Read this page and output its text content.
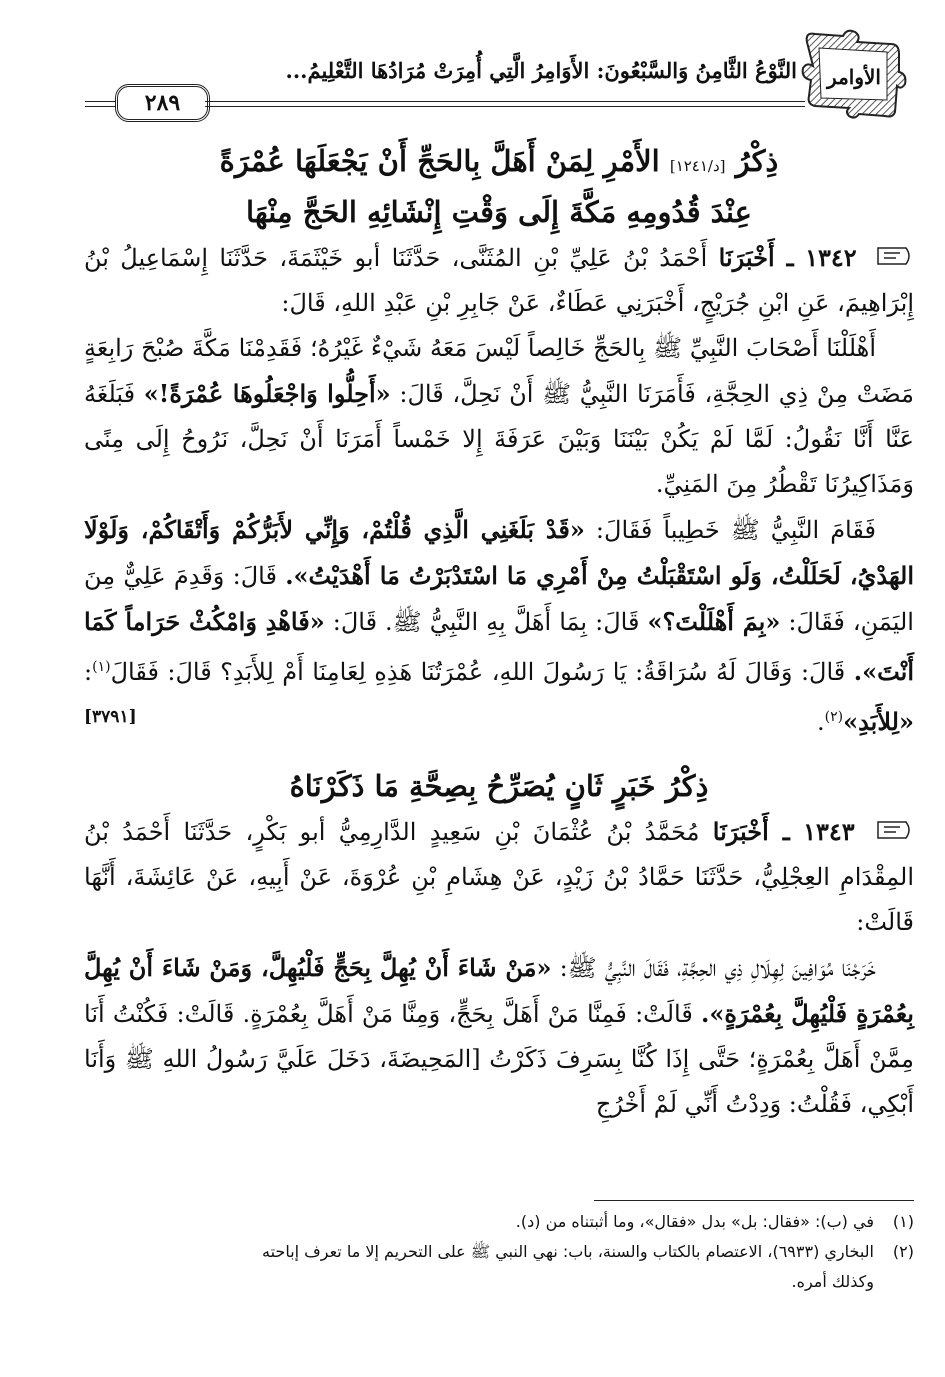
الأوامر
النَّوْعُ الثَّامِنُ وَالسَّبْعُونَ: الأَوَامِرُ الَّتِي أُمِرَتْ مُرَادُهَا التَّعْلِيمُ...
٢٨٩

ذِكْرُ [د/١٢٤١] الأَمْرِ لِمَنْ أَهَلَّ بِالحَجِّ أَنْ يَجْعَلَهَا عُمْرَةً

عِنْدَ قُدُومِهِ مَكَّةَ إِلَى وَقْتِ إِنْشَائِهِ الحَجَّ مِنْهَا

١٣٤٢ ـ أَخْبَرَنَا أَحْمَدُ بْنُ عَلِيِّ بْنِ المُثَنَّى، حَدَّثَنَا أبو خَيْثَمَةَ، حَدَّثَنَا إِسْمَاعِيلُ بْنُ إِبْرَاهِيمَ، عَنِ ابْنِ جُرَيْجٍ، أَخْبَرَنِي عَطَاءٌ، عَنْ جَابِرِ بْنِ عَبْدِ اللهِ، قَالَ:

أَهْلَلْنَا أَصْحَابَ النَّبِيِّ ﷺ بِالحَجِّ خَالِصاً لَيْسَ مَعَهُ شَيْءٌ غَيْرُهُ؛ فَقَدِمْنَا مَكَّةَ صُبْحَ رَابِعَةٍ مَضَتْ مِنْ ذِي الحِجَّةِ، فَأَمَرَنَا النَّبِيُّ ﷺ أَنْ نَحِلَّ، قَالَ: «أَحِلُّوا وَاجْعَلُوهَا عُمْرَةً!» فَبَلَغَهُ عَنَّا أَنَّا نَقُولُ: لَمَّا لَمْ يَكُنْ بَيْنَنَا وَبَيْنَ عَرَفَةَ إِلا خَمْساً أَمَرَنَا أَنْ نَحِلَّ، نَرُوحُ إِلَى مِنًى وَمَذَاكِيرُنَا تَقْطُرُ مِنَ المَنِيِّ.

فَقَامَ النَّبِيُّ ﷺ خَطِيباً فَقَالَ: «قَدْ بَلَغَنِي الَّذِي قُلْتُمْ، وَإِنِّي لأَبَرُّكُمْ وَأَتْقَاكُمْ، وَلَوْلَا الهَدْيُ، لَحَلَلْتُ، وَلَو اسْتَقْبَلْتُ مِنْ أَمْرِي مَا اسْتَدْبَرْتُ مَا أَهْدَيْتُ». قَالَ: وَقَدِمَ عَلِيٌّ مِنَ اليَمَنِ، فَقَالَ: «بِمَ أَهْلَلْتَ؟» قَالَ: بِمَا أَهَلَّ بِهِ النَّبِيُّ ﷺ. قَالَ: «فَاهْدِ وَامْكُثْ حَرَاماً كَمَا أَنْتَ». قَالَ: وَقَالَ لَهُ سُرَاقَةُ: يَا رَسُولَ اللهِ، عُمْرَتُنَا هَذِهِ لِعَامِنَا أَمْ لِلأَبَدِ؟ قَالَ: فَقَالَ$^{(١)}$: «لِلأَبَدِ»$^{(٢)}$.
[٣٧٩١]

ذِكْرُ خَبَرٍ ثَانٍ يُصَرِّحُ بِصِحَّةِ مَا ذَكَرْنَاهُ

١٣٤٣ ـ أَخْبَرَنَا مُحَمَّدُ بْنُ عُثْمَانَ بْنِ سَعِيدٍ الدَّارِمِيُّ أبو بَكْرٍ، حَدَّثَنَا أَحْمَدُ بْنُ المِقْدَامِ العِجْلِيُّ، حَدَّثَنَا حَمَّادُ بْنُ زَيْدٍ، عَنْ هِشَامِ بْنِ عُرْوَةَ، عَنْ أَبِيهِ، عَنْ عَائِشَةَ، أَنَّهَا قَالَتْ:

خَرَجْنَا مُوَافِينَ لِهِلَالِ ذِي الحِجَّةِ، فَقَالَ النَّبِيُّ ﷺ: «مَنْ شَاءَ أَنْ يُهِلَّ بِحَجٍّ فَلْيُهِلَّ، وَمَنْ شَاءَ أَنْ يُهِلَّ بِعُمْرَةٍ فَلْيُهِلَّ بِعُمْرَةٍ». قَالَتْ: فَمِنَّا مَنْ أَهَلَّ بِحَجٍّ، وَمِنَّا مَنْ أَهَلَّ بِعُمْرَةٍ. قَالَتْ: فَكُنْتُ أَنَا مِمَّنْ أَهَلَّ بِعُمْرَةٍ؛ حَتَّى إِذَا كُنَّا بِسَرِفَ ذَكَرْتُ [المَحِيضَةَ، دَخَلَ عَلَيَّ رَسُولُ اللهِ ﷺ وَأَنَا أَبْكِي، فَقُلْتُ: وَدِدْتُ أَنِّي لَمْ أَخْرُجِ

(١)في (ب): «فقال: بل» بدل «فقال»، وما أثبتناه من (د).

(٢)البخاري (٦٩٣٣)، الاعتصام بالكتاب والسنة، باب: نهي النبي ﷺ على التحريم إلا ما تعرف إباحته

وكذلك أمره.
